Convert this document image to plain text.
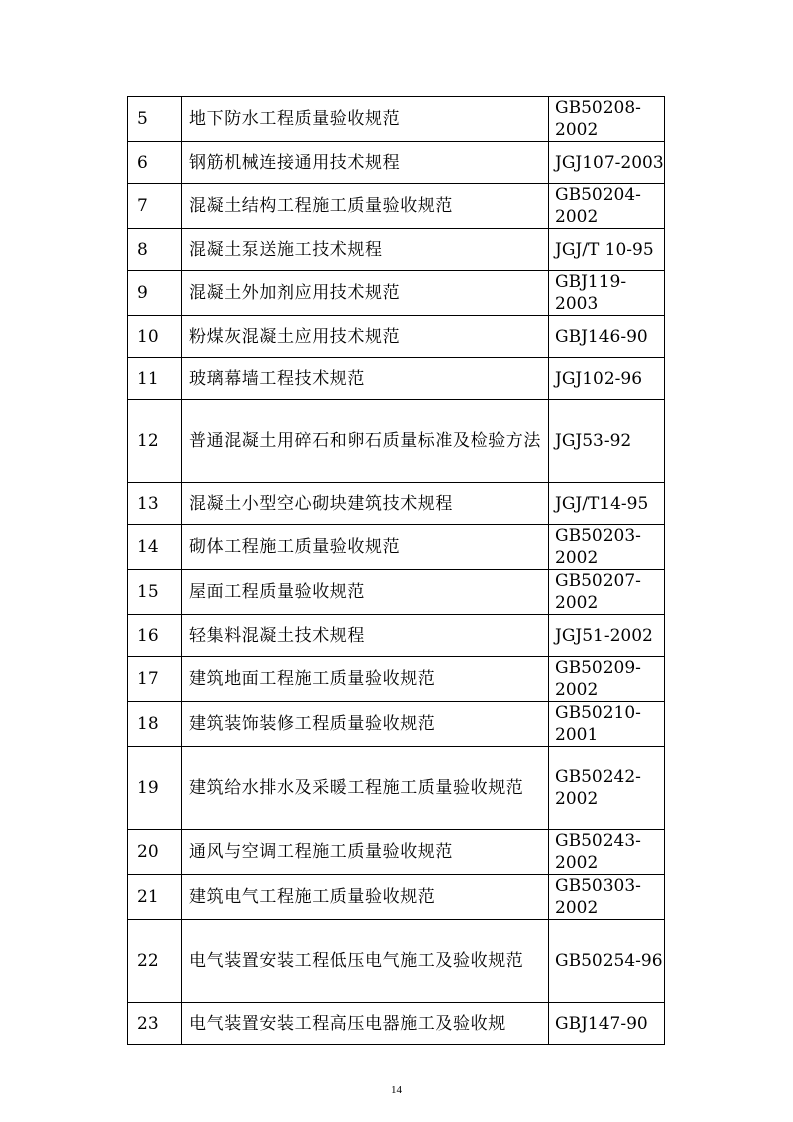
5	地下防水工程质量验收规范	GB50208-2002
6	钢筋机械连接通用技术规程	JGJ107-2003
7	混凝土结构工程施工质量验收规范	GB50204-2002
8	混凝土泵送施工技术规程	JGJ/T 10-95
9	混凝土外加剂应用技术规范	GBJ119-2003
10	粉煤灰混凝土应用技术规范	GBJ146-90
11	玻璃幕墙工程技术规范	JGJ102-96
12	普通混凝土用碎石和卵石质量标准及检验方法	JGJ53-92
13	混凝土小型空心砌块建筑技术规程	JGJ/T14-95
14	砌体工程施工质量验收规范	GB50203-2002
15	屋面工程质量验收规范	GB50207-2002
16	轻集料混凝土技术规程	JGJ51-2002
17	建筑地面工程施工质量验收规范	GB50209-2002
18	建筑装饰装修工程质量验收规范	GB50210-2001
19	建筑给水排水及采暖工程施工质量验收规范	GB50242-2002
20	通风与空调工程施工质量验收规范	GB50243-2002
21	建筑电气工程施工质量验收规范	GB50303-2002
22	电气装置安装工程低压电气施工及验收规范	GB50254-96
23	电气装置安装工程高压电器施工及验收规	GBJ147-90
14
